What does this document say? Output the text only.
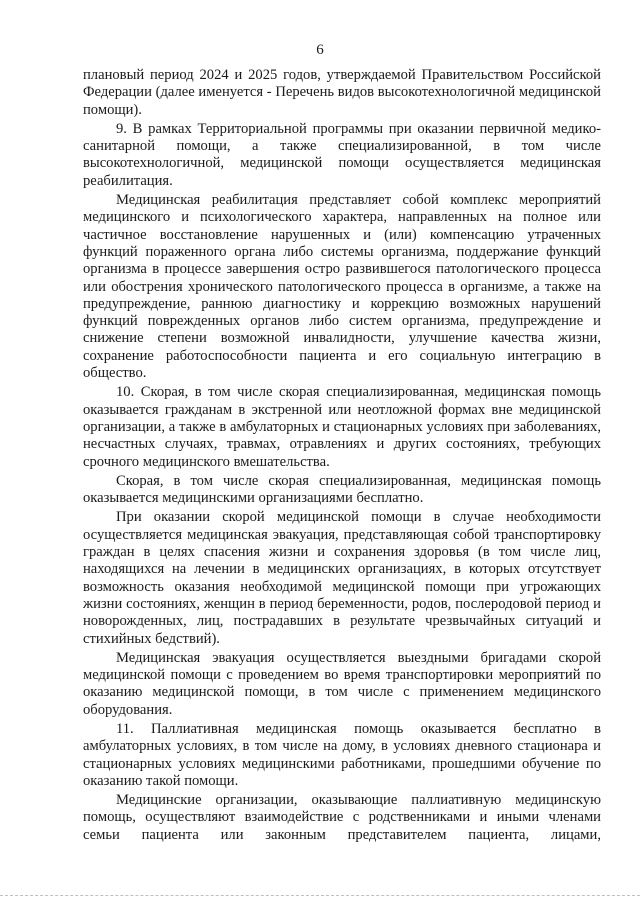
6

плановый период 2024 и 2025 годов, утверждаемой Правительством Российской Федерации (далее именуется - Перечень видов высокотехнологичной медицинской помощи).

9. В рамках Территориальной программы при оказании первичной медико-санитарной помощи, а также специализированной, в том числе высокотехнологичной, медицинской помощи осуществляется медицинская реабилитация.

Медицинская реабилитация представляет собой комплекс мероприятий медицинского и психологического характера, направленных на полное или частичное восстановление нарушенных и (или) компенсацию утраченных функций пораженного органа либо системы организма, поддержание функций организма в процессе завершения остро развившегося патологического процесса или обострения хронического патологического процесса в организме, а также на предупреждение, раннюю диагностику и коррекцию возможных нарушений функций поврежденных органов либо систем организма, предупреждение и снижение степени возможной инвалидности, улучшение качества жизни, сохранение работоспособности пациента и его социальную интеграцию в общество.

10. Скорая, в том числе скорая специализированная, медицинская помощь оказывается гражданам в экстренной или неотложной формах вне медицинской организации, а также в амбулаторных и стационарных условиях при заболеваниях, несчастных случаях, травмах, отравлениях и других состояниях, требующих срочного медицинского вмешательства.

Скорая, в том числе скорая специализированная, медицинская помощь оказывается медицинскими организациями бесплатно.

При оказании скорой медицинской помощи в случае необходимости осуществляется медицинская эвакуация, представляющая собой транспортировку граждан в целях спасения жизни и сохранения здоровья (в том числе лиц, находящихся на лечении в медицинских организациях, в которых отсутствует возможность оказания необходимой медицинской помощи при угрожающих жизни состояниях, женщин в период беременности, родов, послеродовой период и новорожденных, лиц, пострадавших в результате чрезвычайных ситуаций и стихийных бедствий).

Медицинская эвакуация осуществляется выездными бригадами скорой медицинской помощи с проведением во время транспортировки мероприятий по оказанию медицинской помощи, в том числе с применением медицинского оборудования.

11. Паллиативная медицинская помощь оказывается бесплатно в амбулаторных условиях, в том числе на дому, в условиях дневного стационара и стационарных условиях медицинскими работниками, прошедшими обучение по оказанию такой помощи.

Медицинские организации, оказывающие паллиативную медицинскую помощь, осуществляют взаимодействие с родственниками и иными членами семьи пациента или законным представителем пациента, лицами,
